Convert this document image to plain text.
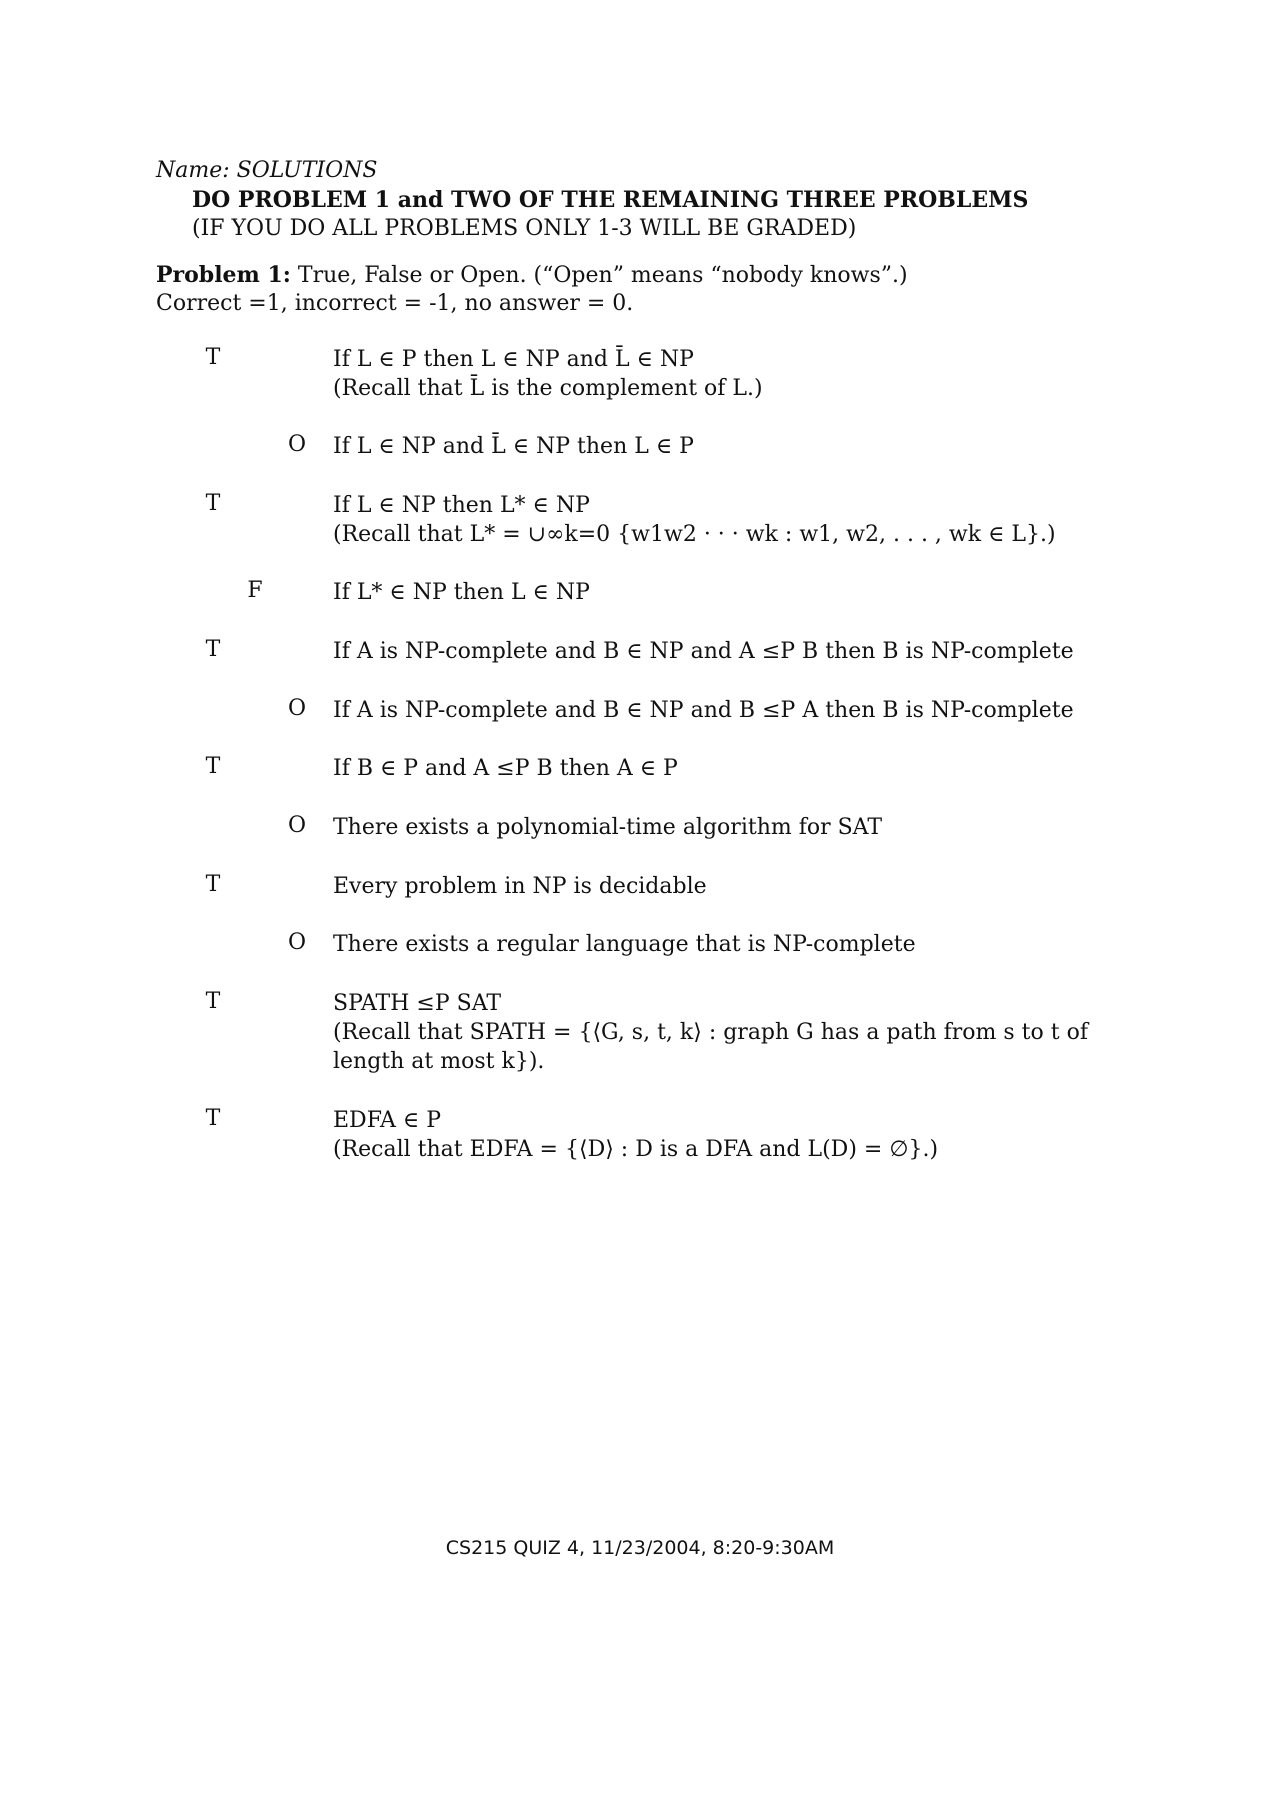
Name: SOLUTIONS
DO PROBLEM 1 and TWO OF THE REMAINING THREE PROBLEMS
(IF YOU DO ALL PROBLEMS ONLY 1-3 WILL BE GRADED)
Problem 1: True, False or Open. (“Open” means “nobody knows”.)
Correct =1, incorrect = -1, no answer = 0.
T	If L ∈ P then L ∈ NP and L̄ ∈ NP
(Recall that L̄ is the complement of L.)
O If L ∈ NP and L̄ ∈ NP then L ∈ P
T	If L ∈ NP then L* ∈ NP
(Recall that L* = ∪∞k=0 {w1w2 · · · wk : w1, w2, . . . , wk ∈ L}.)
F	If L* ∈ NP then L ∈ NP
T	If A is NP-complete and B ∈ NP and A ≤P B then B is NP-complete
O If A is NP-complete and B ∈ NP and B ≤P A then B is NP-complete
T	If B ∈ P and A ≤P B then A ∈ P
O There exists a polynomial-time algorithm for SAT
T	Every problem in NP is decidable
O There exists a regular language that is NP-complete
T	SPATH ≤P SAT
(Recall that SPATH = {⟨G, s, t, k⟩ : graph G has a path from s to t of
length at most k}).
T	EDFA ∈ P
(Recall that EDFA = {⟨D⟩ : D is a DFA and L(D) = ∅}.)
CS215 QUIZ 4, 11/23/2004, 8:20-9:30AM
